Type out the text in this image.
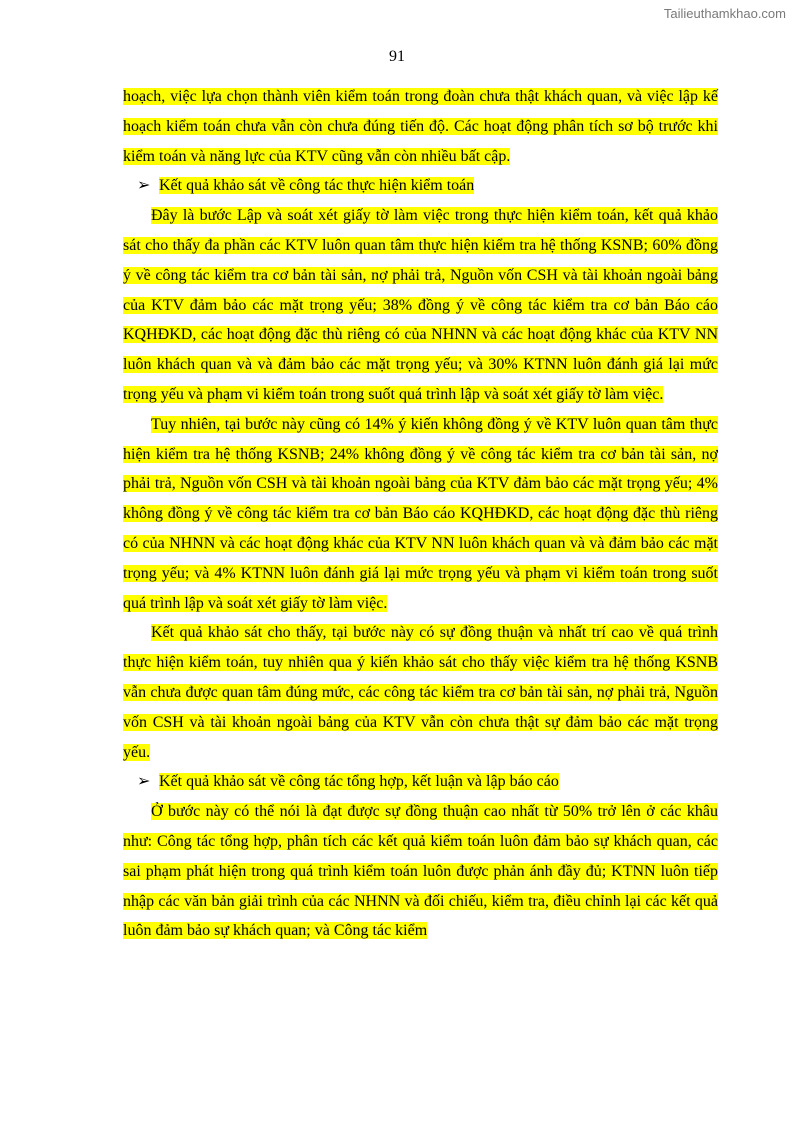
Tailieuthamkhao.com
91

hoạch, việc lựa chọn thành viên kiểm toán trong đoàn chưa thật khách quan, và việc lập kế hoạch kiểm toán chưa vẫn còn chưa đúng tiến độ. Các hoạt động phân tích sơ bộ trước khi kiểm toán và năng lực của KTV cũng vẫn còn nhiều bất cập.

➢ Kết quả khảo sát về công tác thực hiện kiểm toán

Đây là bước Lập và soát xét giấy tờ làm việc trong thực hiện kiểm toán, kết quả khảo sát cho thấy đa phần các KTV luôn quan tâm thực hiện kiểm tra hệ thống KSNB; 60% đồng ý về công tác kiểm tra cơ bản tài sản, nợ phải trả, Nguồn vốn CSH và tài khoản ngoài bảng của KTV đảm bảo các mặt trọng yếu; 38% đồng ý về công tác kiểm tra cơ bản Báo cáo KQHĐKD, các hoạt động đặc thù riêng có của NHNN và các hoạt động khác của KTV NN luôn khách quan và và đảm bảo các mặt trọng yếu; và 30% KTNN luôn đánh giá lại mức trọng yếu và phạm vi kiểm toán trong suốt quá trình lập và soát xét giấy tờ làm việc.

Tuy nhiên, tại bước này cũng có 14% ý kiến không đồng ý về KTV luôn quan tâm thực hiện kiểm tra hệ thống KSNB; 24% không đồng ý về công tác kiểm tra cơ bản tài sản, nợ phải trả, Nguồn vốn CSH và tài khoản ngoài bảng của KTV đảm bảo các mặt trọng yếu; 4% không đồng ý về công tác kiểm tra cơ bản Báo cáo KQHĐKD, các hoạt động đặc thù riêng có của NHNN và các hoạt động khác của KTV NN luôn khách quan và và đảm bảo các mặt trọng yếu; và 4% KTNN luôn đánh giá lại mức trọng yếu và phạm vi kiểm toán trong suốt quá trình lập và soát xét giấy tờ làm việc.

Kết quả khảo sát cho thấy, tại bước này có sự đồng thuận và nhất trí cao về quá trình thực hiện kiểm toán, tuy nhiên qua ý kiến khảo sát cho thấy việc kiểm tra hệ thống KSNB vẫn chưa được quan tâm đúng mức, các công tác kiểm tra cơ bản tài sản, nợ phải trả, Nguồn vốn CSH và tài khoản ngoài bảng của KTV vẫn còn chưa thật sự đảm bảo các mặt trọng yếu.

➢ Kết quả khảo sát về công tác tổng hợp, kết luận và lập báo cáo

Ở bước này có thể nói là đạt được sự đồng thuận cao nhất từ 50% trở lên ở các khâu như: Công tác tổng hợp, phân tích các kết quả kiểm toán luôn đảm bảo sự khách quan, các sai phạm phát hiện trong quá trình kiểm toán luôn được phản ánh đầy đủ; KTNN luôn tiếp nhập các văn bản giải trình của các NHNN và đối chiếu, kiểm tra, điều chỉnh lại các kết quả luôn đảm bảo sự khách quan; và Công tác kiểm
